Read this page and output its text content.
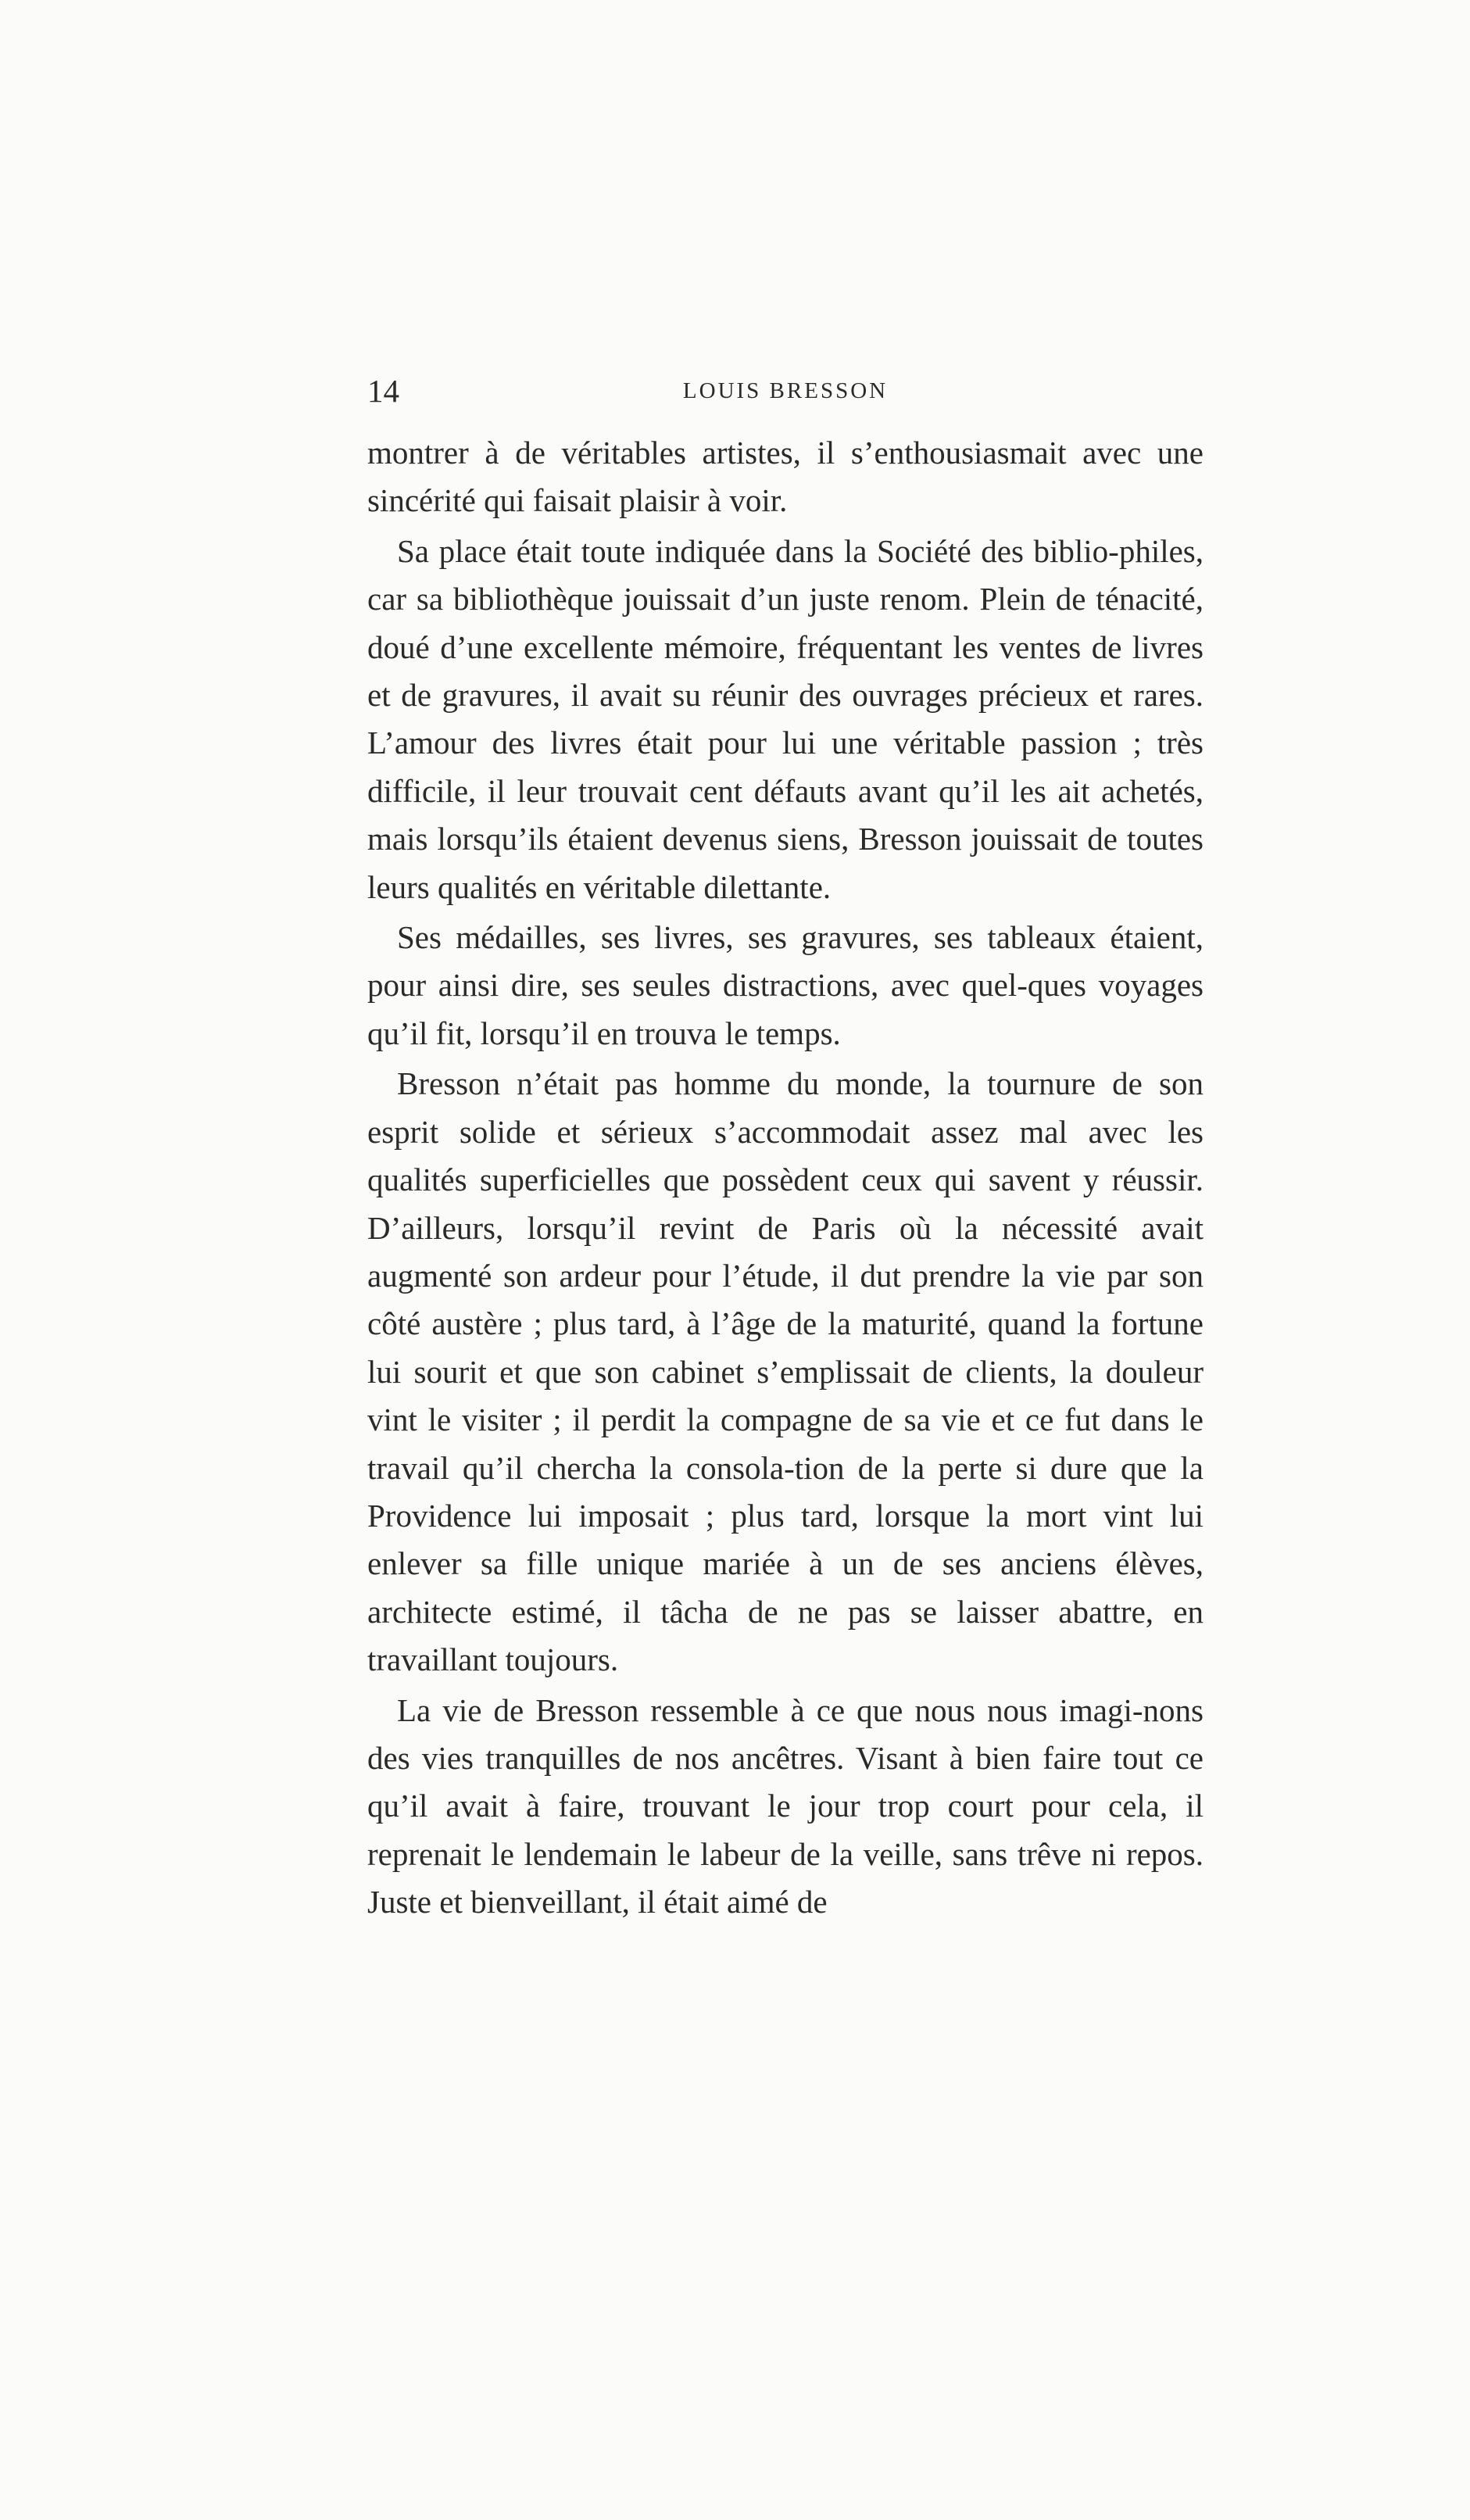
14	LOUIS BRESSON

montrer à de véritables artistes, il s’enthousiasmait avec une sincérité qui faisait plaisir à voir.

Sa place était toute indiquée dans la Société des biblio-philes, car sa bibliothèque jouissait d’un juste renom. Plein de ténacité, doué d’une excellente mémoire, fréquentant les ventes de livres et de gravures, il avait su réunir des ouvrages précieux et rares. L’amour des livres était pour lui une véritable passion ; très difficile, il leur trouvait cent défauts avant qu’il les ait achetés, mais lorsqu’ils étaient devenus siens, Bresson jouissait de toutes leurs qualités en véritable dilettante.

Ses médailles, ses livres, ses gravures, ses tableaux étaient, pour ainsi dire, ses seules distractions, avec quel-ques voyages qu’il fit, lorsqu’il en trouva le temps.

Bresson n’était pas homme du monde, la tournure de son esprit solide et sérieux s’accommodait assez mal avec les qualités superficielles que possèdent ceux qui savent y réussir. D’ailleurs, lorsqu’il revint de Paris où la nécessité avait augmenté son ardeur pour l’étude, il dut prendre la vie par son côté austère ; plus tard, à l’âge de la maturité, quand la fortune lui sourit et que son cabinet s’emplissait de clients, la douleur vint le visiter ; il perdit la compagne de sa vie et ce fut dans le travail qu’il chercha la consola-tion de la perte si dure que la Providence lui imposait ; plus tard, lorsque la mort vint lui enlever sa fille unique mariée à un de ses anciens élèves, architecte estimé, il tâcha de ne pas se laisser abattre, en travaillant toujours.

La vie de Bresson ressemble à ce que nous nous imagi-nons des vies tranquilles de nos ancêtres. Visant à bien faire tout ce qu’il avait à faire, trouvant le jour trop court pour cela, il reprenait le lendemain le labeur de la veille, sans trêve ni repos. Juste et bienveillant, il était aimé de
